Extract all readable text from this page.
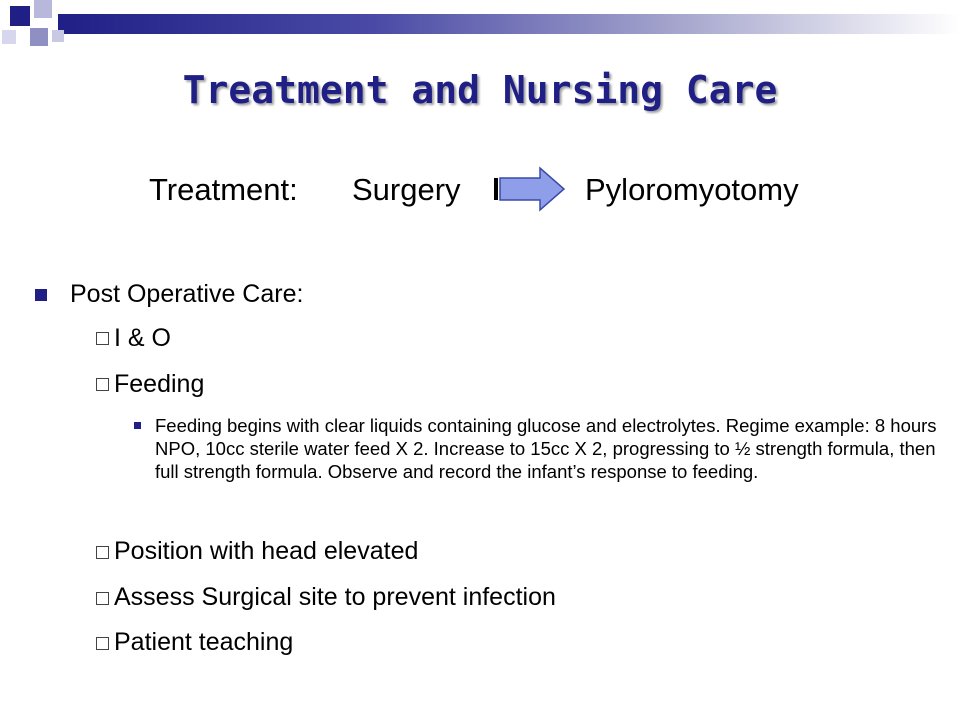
Treatment and Nursing Care
Treatment: Surgery	Pyloromyotomy
Post Operative Care:
I & O
Feeding
Feeding begins with clear liquids containing glucose and electrolytes. Regime example: 8 hours NPO, 10cc sterile water feed X 2. Increase to 15cc X 2, progressing to ½ strength formula, then full strength formula. Observe and record the infant’s response to feeding.
Position with head elevated
Assess Surgical site to prevent infection
Patient teaching
